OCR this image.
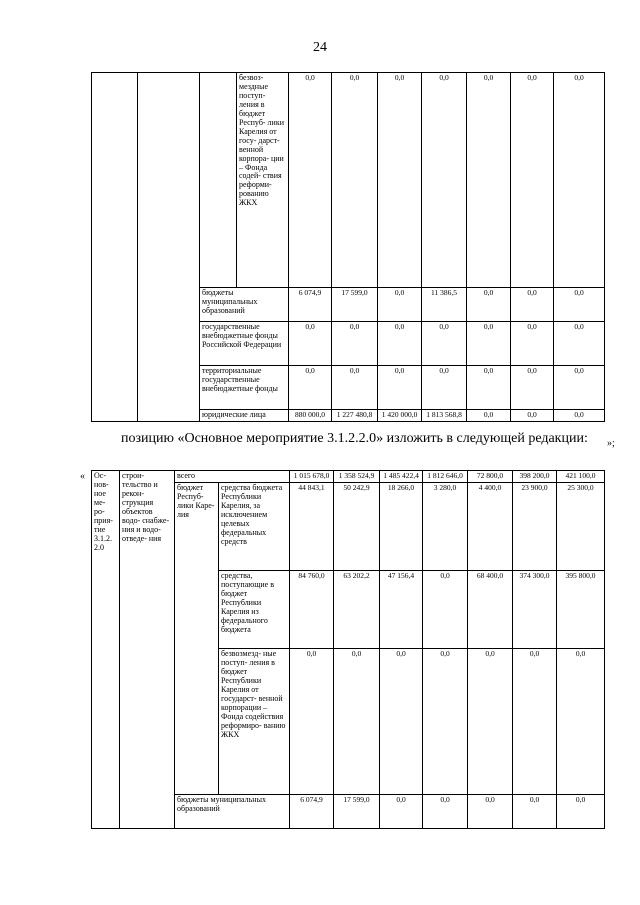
24
			безвоз- мездные поступ- ления в бюджет Респуб- лики Карелия от госу- дарст- венной корпора- ции – Фонда содей- ствия реформи- рованию ЖКХ	0,0	0,0	0,0	0,0	0,0	0,0	0,0
		бюджеты муниципальных образований		6 074,9	17 599,0	0,0	11 386,5	0,0	0,0	0,0
		государственные внебюджетные фонды Российской Федерации		0,0	0,0	0,0	0,0	0,0	0,0	0,0
		территориальные государственные внебюджетные фонды		0,0	0,0	0,0	0,0	0,0	0,0	0,0
		юридические лица		880 000,0	1 227 480,8	1 420 000,0	1 813 568,8	0,0	0,0	0,0
»;
позицию «Основное мероприятие 3.1.2.2.0» изложить в следующей редакции:
« Ос- нов- ное ме- ро- прия- тие 3.1.2. 2.0	строи- тельство и рекон- струкция объектов водо- снабже- ния и водо- отведе- ния	всего		1 015 678,0	1 358 524,9	1 485 422,4	1 812 646,0	72 800,0	398 200,0	421 100,0
		бюджет Респуб- лики Каре- лия	средства бюджета Республики Карелия, за исключением целевых федеральных средств	44 843,1	50 242,9	18 266,0	3 280,0	4 400,0	23 900,0	25 300,0
			средства, поступающие в бюджет Республики Карелия из федерального бюджета	84 760,0	63 202,2	47 156,4	0,0	68 400,0	374 300,0	395 800,0
			безвозмезд- ные поступ- ления в бюджет Республики Карелия от государст- венной корпорации – Фонда содействия реформиро- ванию ЖКХ	0,0	0,0	0,0	0,0	0,0	0,0	0,0
		бюджеты муниципальных образований		6 074,9	17 599,0	0,0	0,0	0,0	0,0	0,0
